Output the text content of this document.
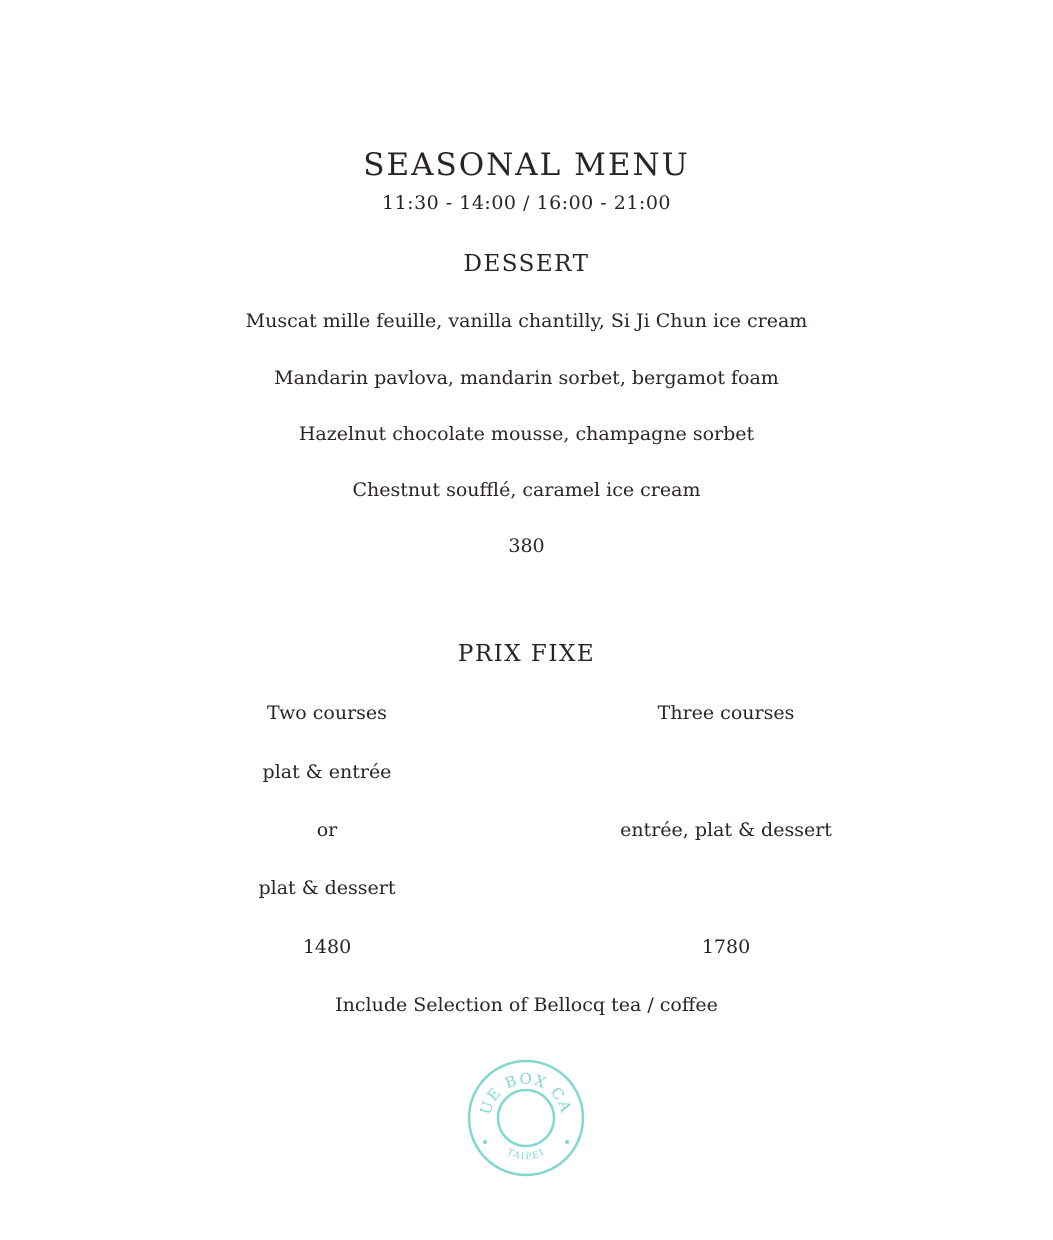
SEASONAL MENU
11:30 - 14:00 / 16:00 - 21:00
DESSERT
Muscat mille feuille, vanilla chantilly, Si Ji Chun ice cream
Mandarin pavlova, mandarin sorbet, bergamot foam
Hazelnut chocolate mousse, champagne sorbet
Chestnut soufflé, caramel ice cream
380
PRIX FIXE
Two courses
plat & entrée
or
plat & dessert
1480
Three courses
entrée, plat & dessert
1780
Include Selection of Bellocq tea / coffee
UE BOX CA
TAIPEI
